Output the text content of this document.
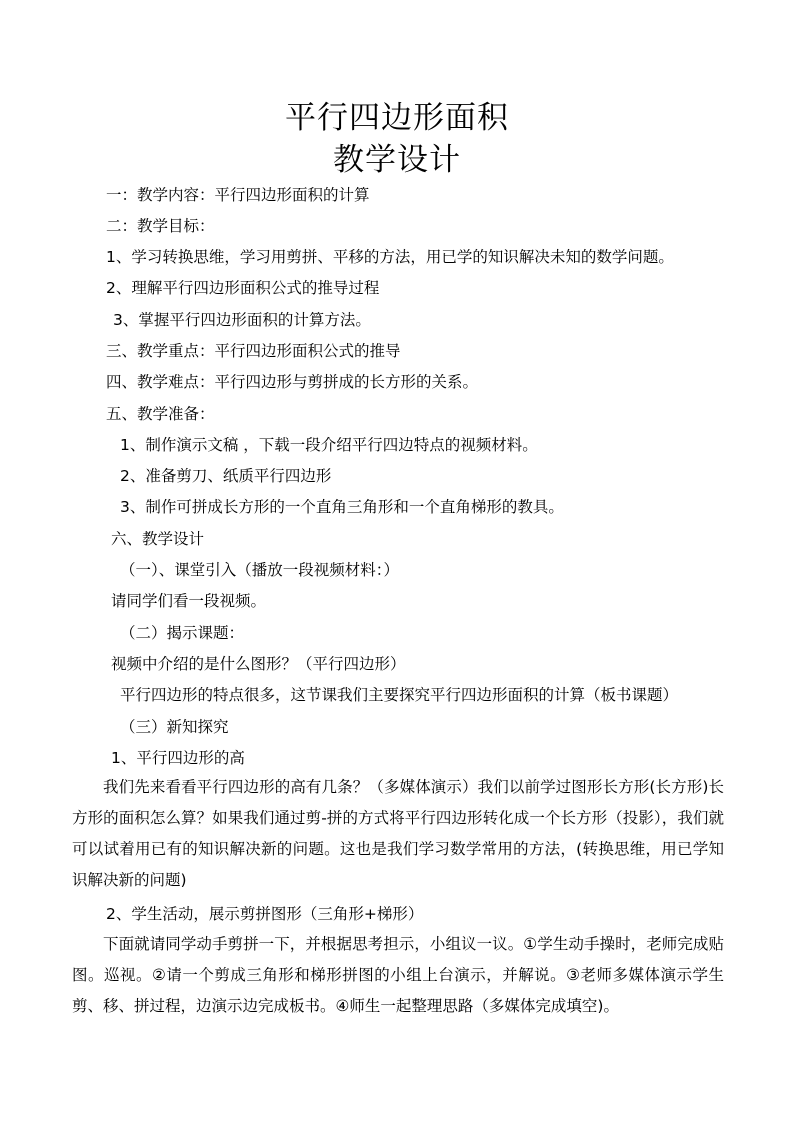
平行四边形面积
教学设计
一：教学内容：平行四边形面积的计算
二：教学目标：
1、学习转换思维，学习用剪拼、平移的方法，用已学的知识解决未知的数学问题。
2、理解平行四边形面积公式的推导过程
3、掌握平行四边形面积的计算方法。
三、教学重点：平行四边形面积公式的推导
四、教学难点：平行四边形与剪拼成的长方形的关系。
五、教学准备：
1、制作演示文稿 ，下载一段介绍平行四边特点的视频材料。
2、准备剪刀、纸质平行四边形
3、制作可拼成长方形的一个直角三角形和一个直角梯形的教具。
六、教学设计
（一）、课堂引入（播放一段视频材料：）
请同学们看一段视频。
（二）揭示课题：
视频中介绍的是什么图形？（平行四边形）
平行四边形的特点很多，这节课我们主要探究平行四边形面积的计算（板书课题）
（三）新知探究
1、平行四边形的高
我们先来看看平行四边形的高有几条？（多媒体演示）我们以前学过图形长方形(长方形)长方形的面积怎么算？如果我们通过剪-拼的方式将平行四边形转化成一个长方形（投影），我们就可以试着用已有的知识解决新的问题。这也是我们学习数学常用的方法，(转换思维，用已学知识解决新的问题)
2、学生活动，展示剪拼图形（三角形+梯形）
下面就请同学动手剪拼一下，并根据思考担示，小组议一议。①学生动手操时，老师完成贴图。巡视。②请一个剪成三角形和梯形拼图的小组上台演示，并解说。③老师多媒体演示学生剪、移、拼过程，边演示边完成板书。④师生一起整理思路（多媒体完成填空)。
